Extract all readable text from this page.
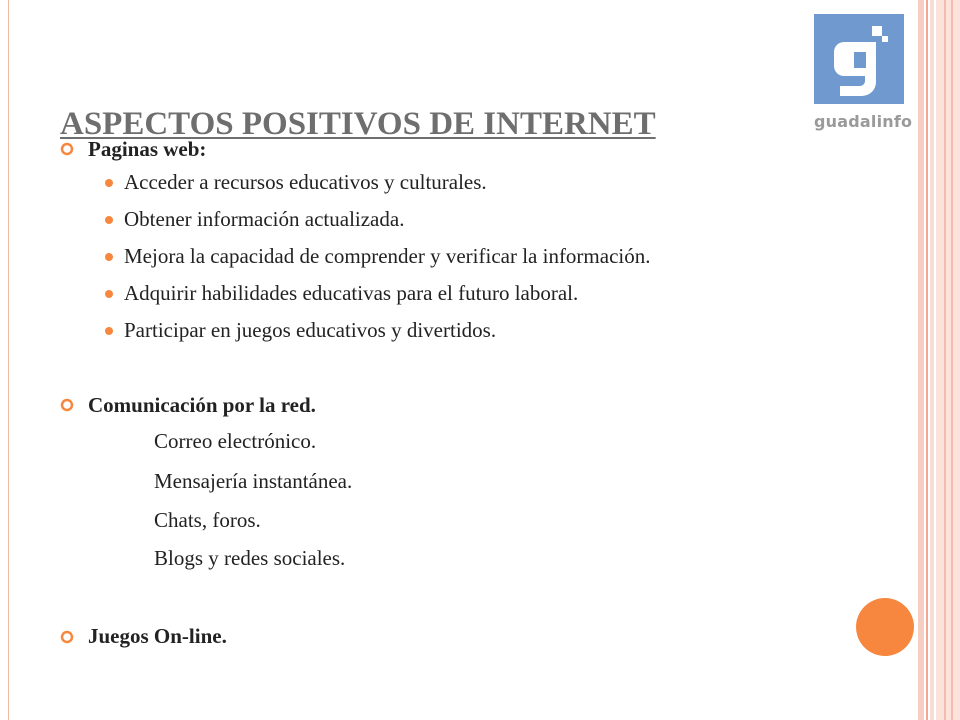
guadalinfo
ASPECTOS POSITIVOS DE INTERNET
Paginas web:
Acceder a recursos educativos y culturales.
Obtener información actualizada.
Mejora la capacidad de comprender y verificar la información.
Adquirir habilidades educativas para el futuro laboral.
Participar en juegos educativos y divertidos.
Comunicación por la red.
Correo electrónico.
Mensajería instantánea.
Chats, foros.
Blogs y redes sociales.
Juegos On-line.
